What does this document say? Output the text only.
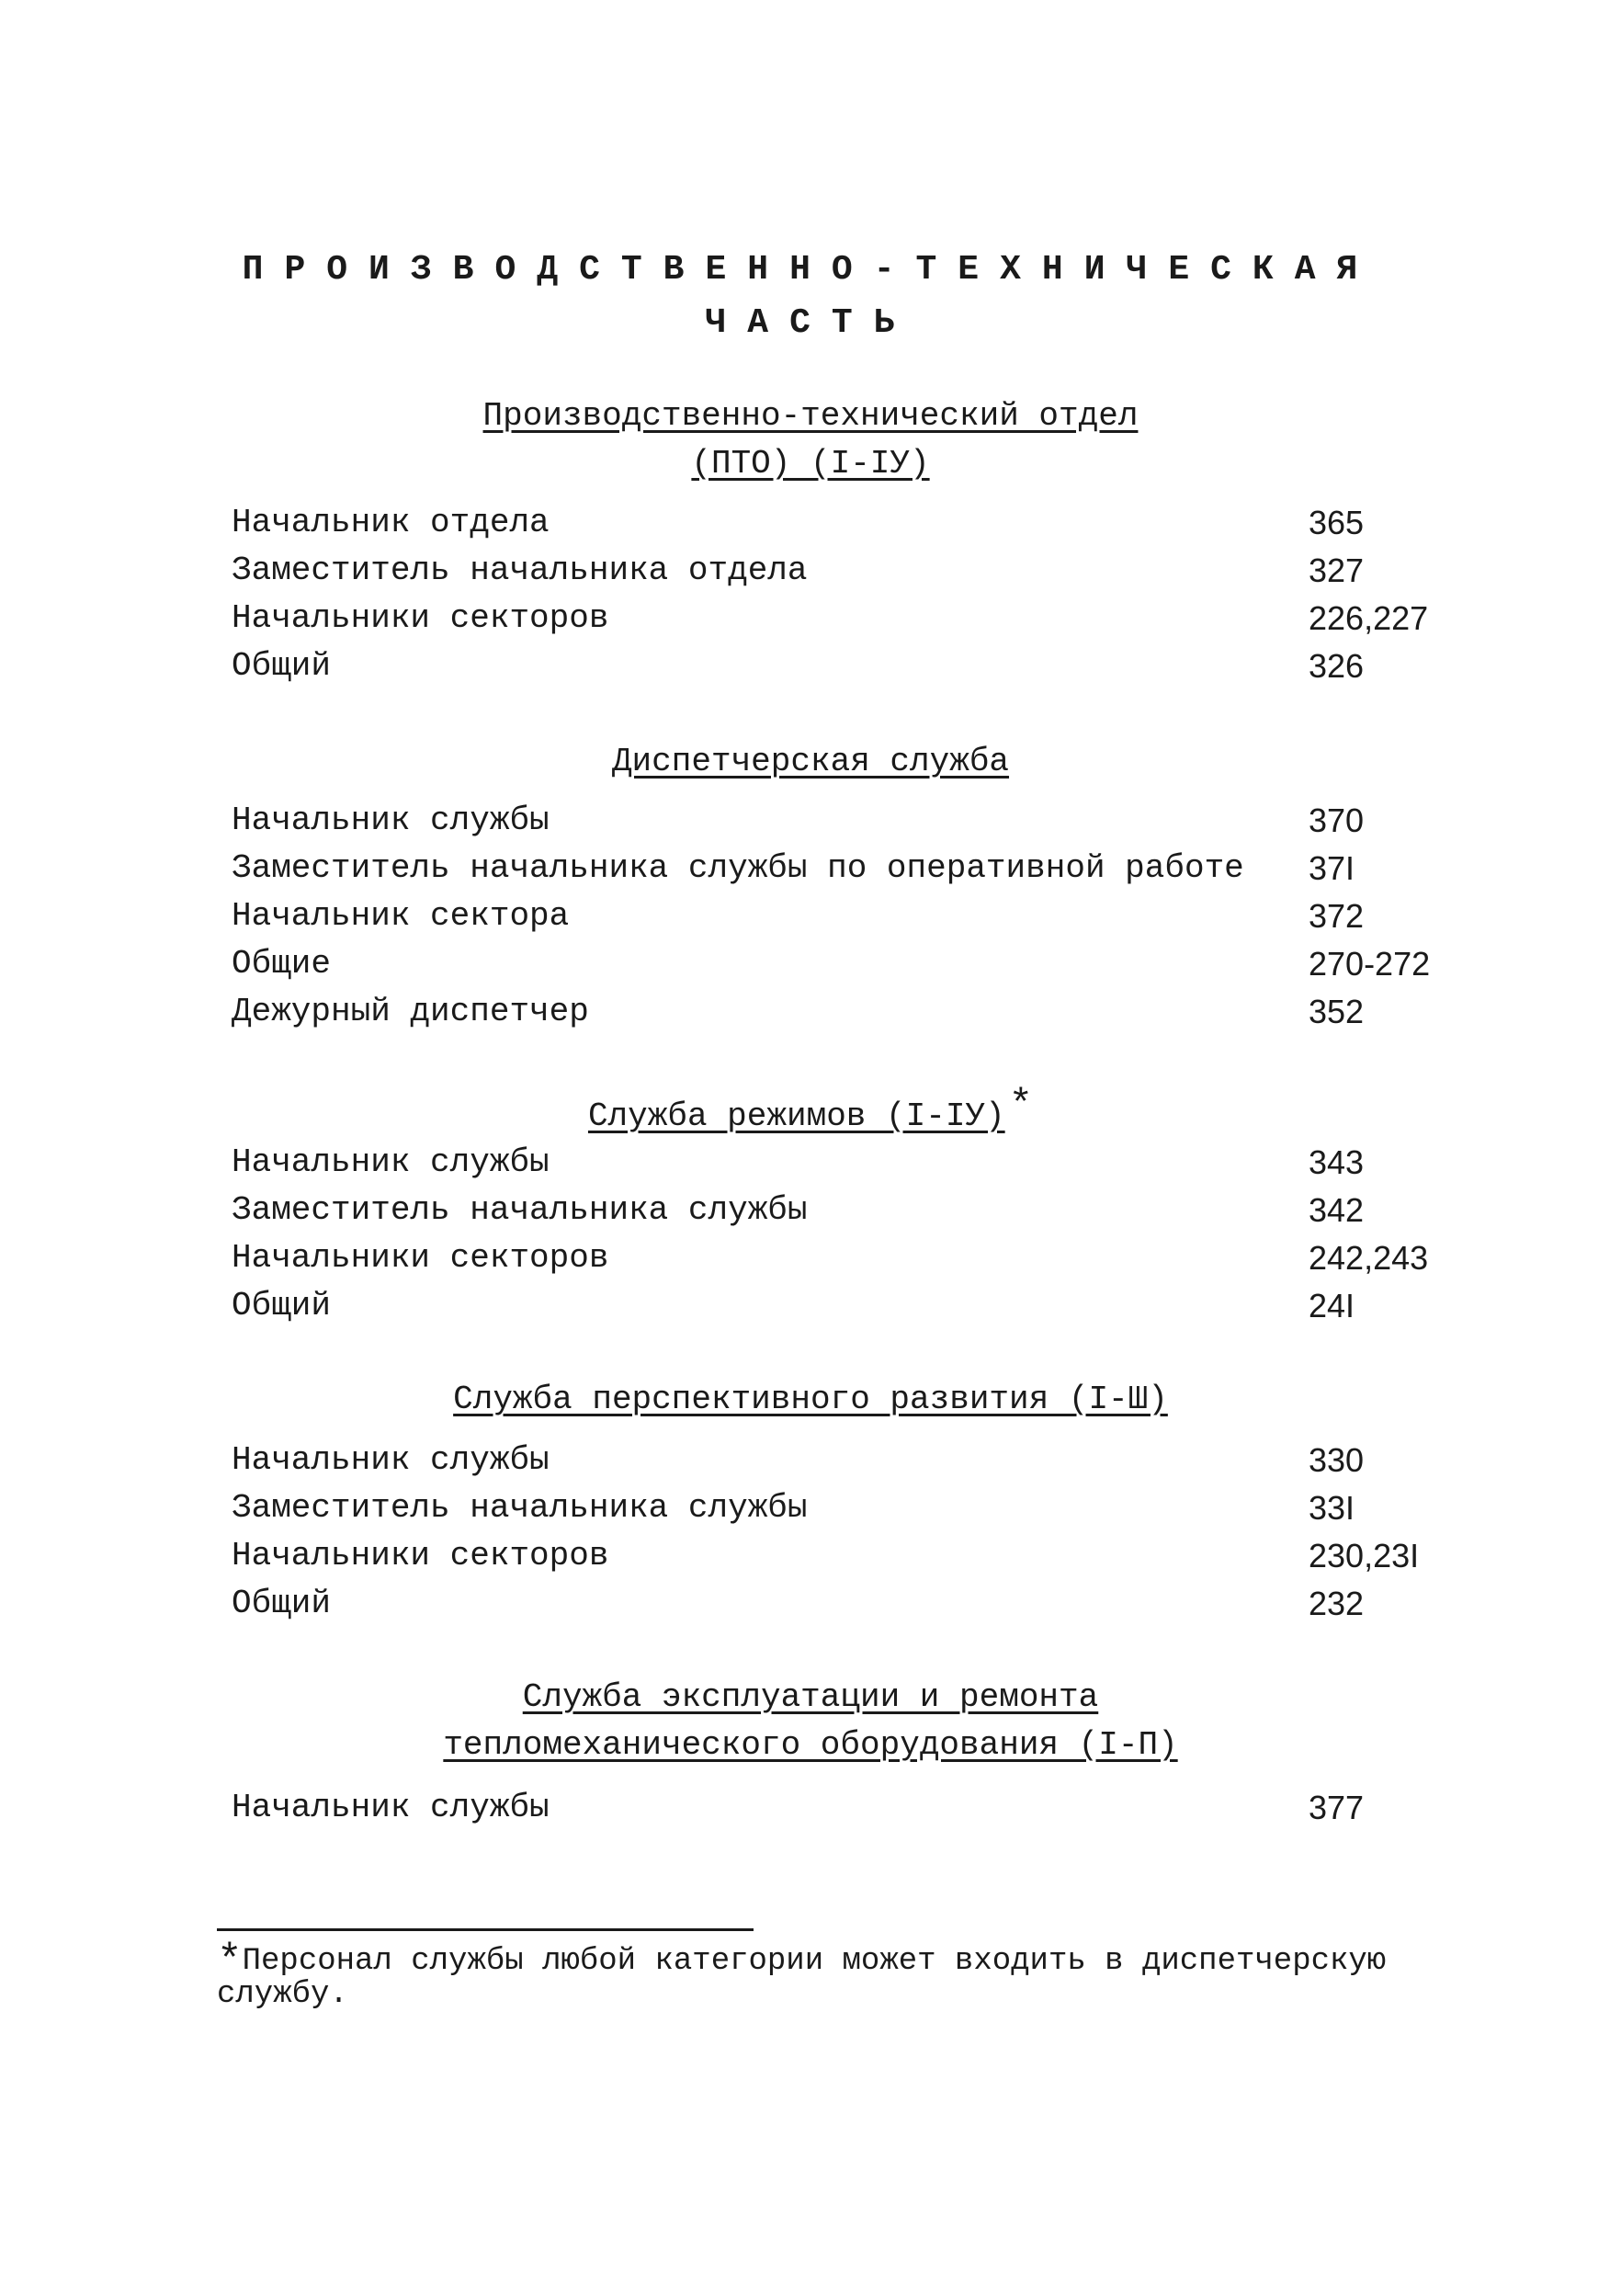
ПРОИЗВОДСТВЕННО-ТЕХНИЧЕСКАЯ
ЧАСТЬ
Производственно-технический отдел
(ПТО) (I-IУ)
Начальник отдела	365
Заместитель начальника отдела	327
Начальники секторов	226,227
Общий	326
Диспетчерская служба
Начальник службы	370
Заместитель начальника службы по оперативной работе 37I
Начальник сектора	372
Общие	270-272
Дежурный диспетчер	352
Служба режимов (I-IУ)*
Начальник службы	343
Заместитель начальника службы	342
Начальники секторов	242,243
Общий	24I
Служба перспективного развития (I-Ш)
Начальник службы	330
Заместитель начальника службы	33I
Начальники секторов	230,23I
Общий	232
Служба эксплуатации и ремонта
тепломеханического оборудования (I-П)
Начальник службы	377
*Персонал службы любой категории может входить в диспетчерскую службу.
